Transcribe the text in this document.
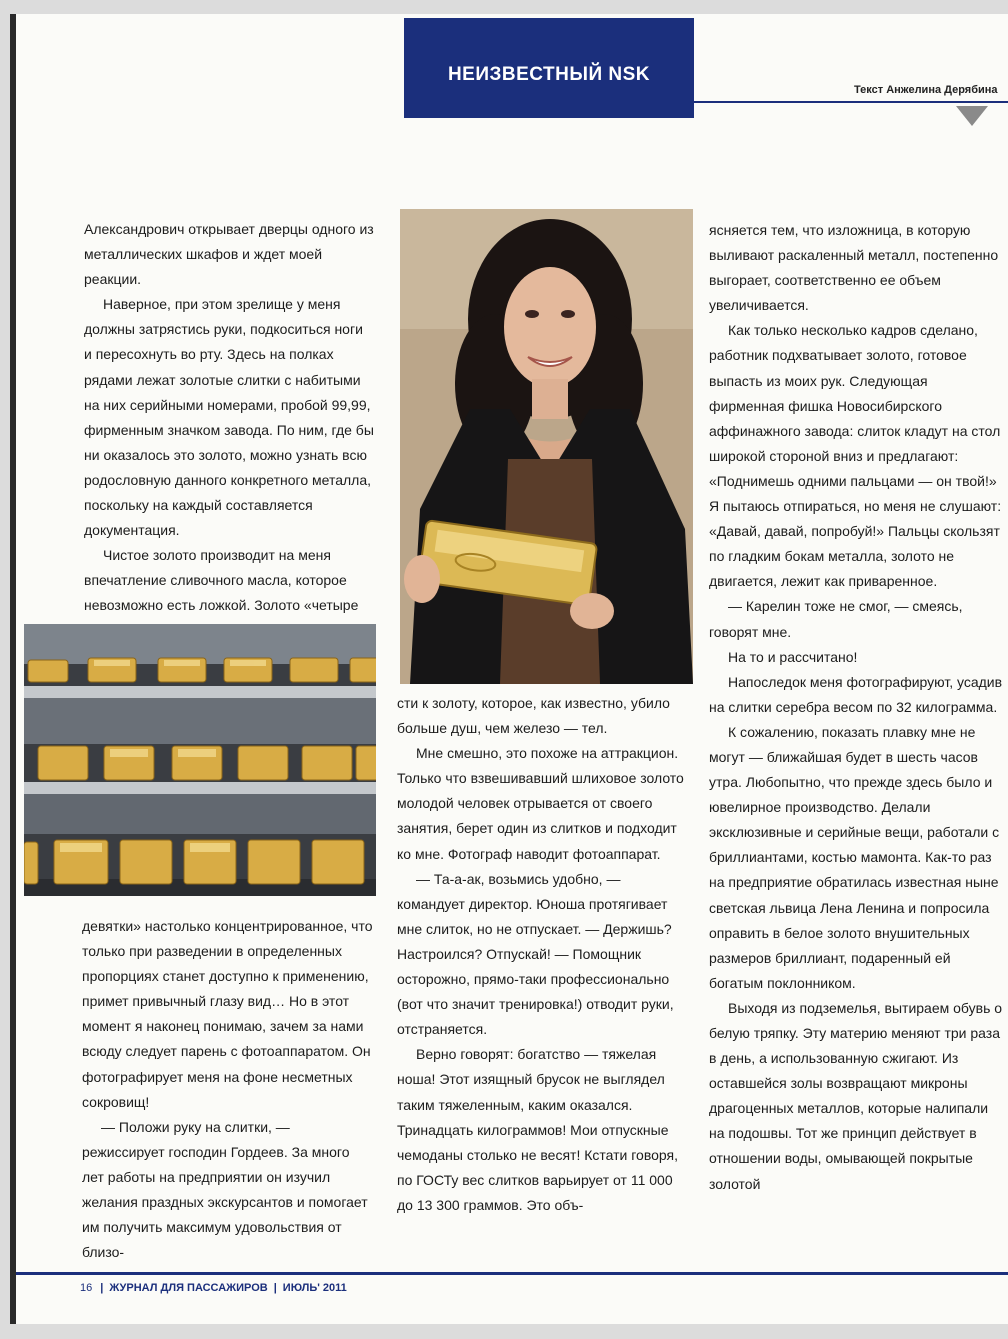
НЕИЗВЕСТНЫЙ NSK
Текст Анжелина Дерябина

Александрович открывает дверцы одного из металлических шкафов и ждет моей реакции.

Наверное, при этом зрелище у меня должны затрястись руки, подкоситься ноги и пересохнуть во рту. Здесь на полках рядами лежат золотые слитки с набитыми на них серийными номерами, пробой 99,99, фирменным значком завода. По ним, где бы ни оказалось это золото, можно узнать всю родословную данного конкретного металла, поскольку на каждый составляется документация.

Чистое золото производит на меня впечатление сливочного масла, которое невозможно есть ложкой. Золото «четыре

девятки» настолько концентрированное, что только при разведении в определенных пропорциях станет доступно к применению, примет привычный глазу вид… Но в этот момент я наконец понимаю, зачем за нами всюду следует парень с фотоаппаратом. Он фотографирует меня на фоне несметных сокровищ!

— Положи руку на слитки, — режиссирует господин Гордеев. За много лет работы на предприятии он изучил желания праздных экскурсантов и помогает им получить максимум удовольствия от близо-

сти к золоту, которое, как известно, убило больше душ, чем железо — тел.

Мне смешно, это похоже на аттракцион. Только что взвешивавший шлиховое золото молодой человек отрывается от своего занятия, берет один из слитков и подходит ко мне. Фотограф наводит фотоаппарат.

— Та-а-ак, возьмись удобно, — командует директор. Юноша протягивает мне слиток, но не отпускает. — Держишь? Настроился? Отпускай! — Помощник осторожно, прямо-таки профессионально (вот что значит тренировка!) отводит руки, отстраняется.

Верно говорят: богатство — тяжелая ноша! Этот изящный брусок не выглядел таким тяжеленным, каким оказался. Тринадцать килограммов! Мои отпускные чемоданы столько не весят! Кстати говоря, по ГОСТу вес слитков варьирует от 11 000 до 13 300 граммов. Это объ-

ясняется тем, что изложница, в которую выливают раскаленный металл, постепенно выгорает, соответственно ее объем увеличивается.

Как только несколько кадров сделано, работник подхватывает золото, готовое выпасть из моих рук. Следующая фирменная фишка Новосибирского аффинажного завода: слиток кладут на стол широкой стороной вниз и предлагают: «Поднимешь одними пальцами — он твой!» Я пытаюсь отпираться, но меня не слушают: «Давай, давай, попробуй!» Пальцы скользят по гладким бокам металла, золото не двигается, лежит как приваренное.

— Карелин тоже не смог, — смеясь, говорят мне.

На то и рассчитано!

Напоследок меня фотографируют, усадив на слитки серебра весом по 32 килограмма.

К сожалению, показать плавку мне не могут — ближайшая будет в шесть часов утра. Любопытно, что прежде здесь было и ювелирное производство. Делали эксклюзивные и серийные вещи, работали с бриллиантами, костью мамонта. Как-то раз на предприятие обратилась известная ныне светская львица Лена Ленина и попросила оправить в белое золото внушительных размеров бриллиант, подаренный ей богатым поклонником.

Выходя из подземелья, вытираем обувь о белую тряпку. Эту материю меняют три раза в день, а использованную сжигают. Из оставшейся золы возвращают микроны драгоценных металлов, которые налипали на подошвы. Тот же принцип действует в отношении воды, омывающей покрытые золотой

16 | ЖУРНАЛ ДЛЯ ПАССАЖИРОВ | ИЮЛЬ' 2011
